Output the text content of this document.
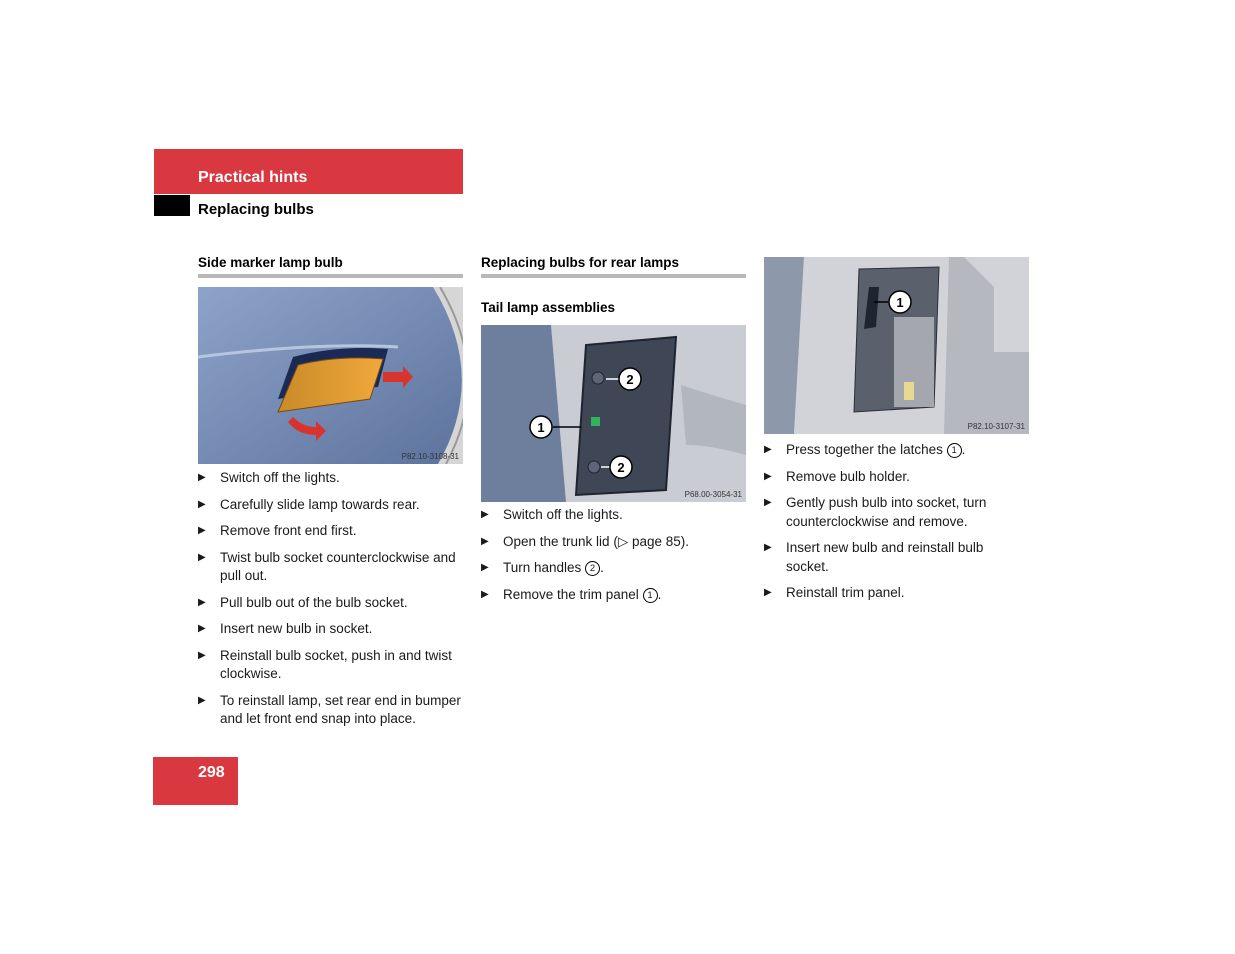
Practical hints
Replacing bulbs
Side marker lamp bulb
P82.10-3108-31
▶ Switch off the lights.
▶ Carefully slide lamp towards rear.
▶ Remove front end first.
▶ Twist bulb socket counterclockwise and pull out.
▶ Pull bulb out of the bulb socket.
▶ Insert new bulb in socket.
▶ Reinstall bulb socket, push in and twist clockwise.
▶ To reinstall lamp, set rear end in bumper and let front end snap into place.
Replacing bulbs for rear lamps
Tail lamp assemblies
1
2
2
P68.00-3054-31
▶ Switch off the lights.
▶ Open the trunk lid (▷ page 85).
▶ Turn handles 2 .
▶ Remove the trim panel 1 .
1
P82.10-3107-31
▶ Press together the latches 1 .
▶ Remove bulb holder.
▶ Gently push bulb into socket, turn counterclockwise and remove.
▶ Insert new bulb and reinstall bulb socket.
▶ Reinstall trim panel.
298
